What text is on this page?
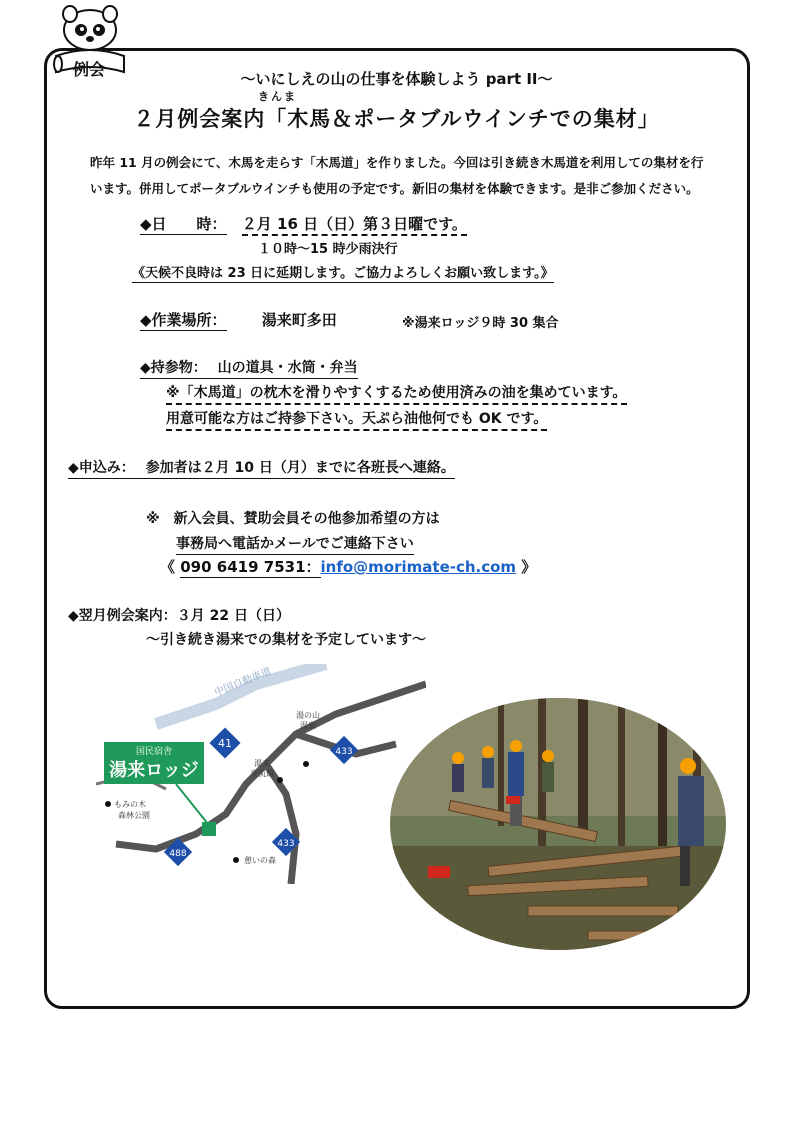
例会	～いにしえの山の仕事を体験しよう part II～
きんま
２月例会案内「木馬＆ポータブルウインチでの集材」
昨年 11 月の例会にて、木馬を走らす「木馬道」を作りました。今回は引き続き木馬道を利用しての集材を行
います。併用してポータブルウインチも使用の予定です。新旧の集材を体験できます。是非ご参加ください。
◆日　　時： ２月 16 日（日）第３日曜です。
１０時～15 時少雨決行
《天候不良時は 23 日に延期します。ご協力よろしくお願い致します。》
◆作業場所： 湯来町多田	※湯来ロッジ９時 30 集合
◆持参物： 山の道具・水筒・弁当
※「木馬道」の枕木を滑りやすくするため使用済みの油を集めています。
用意可能な方はご持参下さい。天ぷら油他何でも OK です。
◆申込み： 参加者は２月 10 日（月）までに各班長へ連絡。
※　新入会員、賛助会員その他参加希望の方は
事務局へ電話かメールでご連絡下さい
《 090 6419 7531：info@morimate-ch.com 》
◆翌月例会案内：３月 22 日（日）
～引き続き湯来での集材を予定しています～
中国自動車道
国民宿舎
湯来ロッジ
41
433
433
488
湯の山
温泉
湯来
交流館
もみの木
森林公園
憩いの森
